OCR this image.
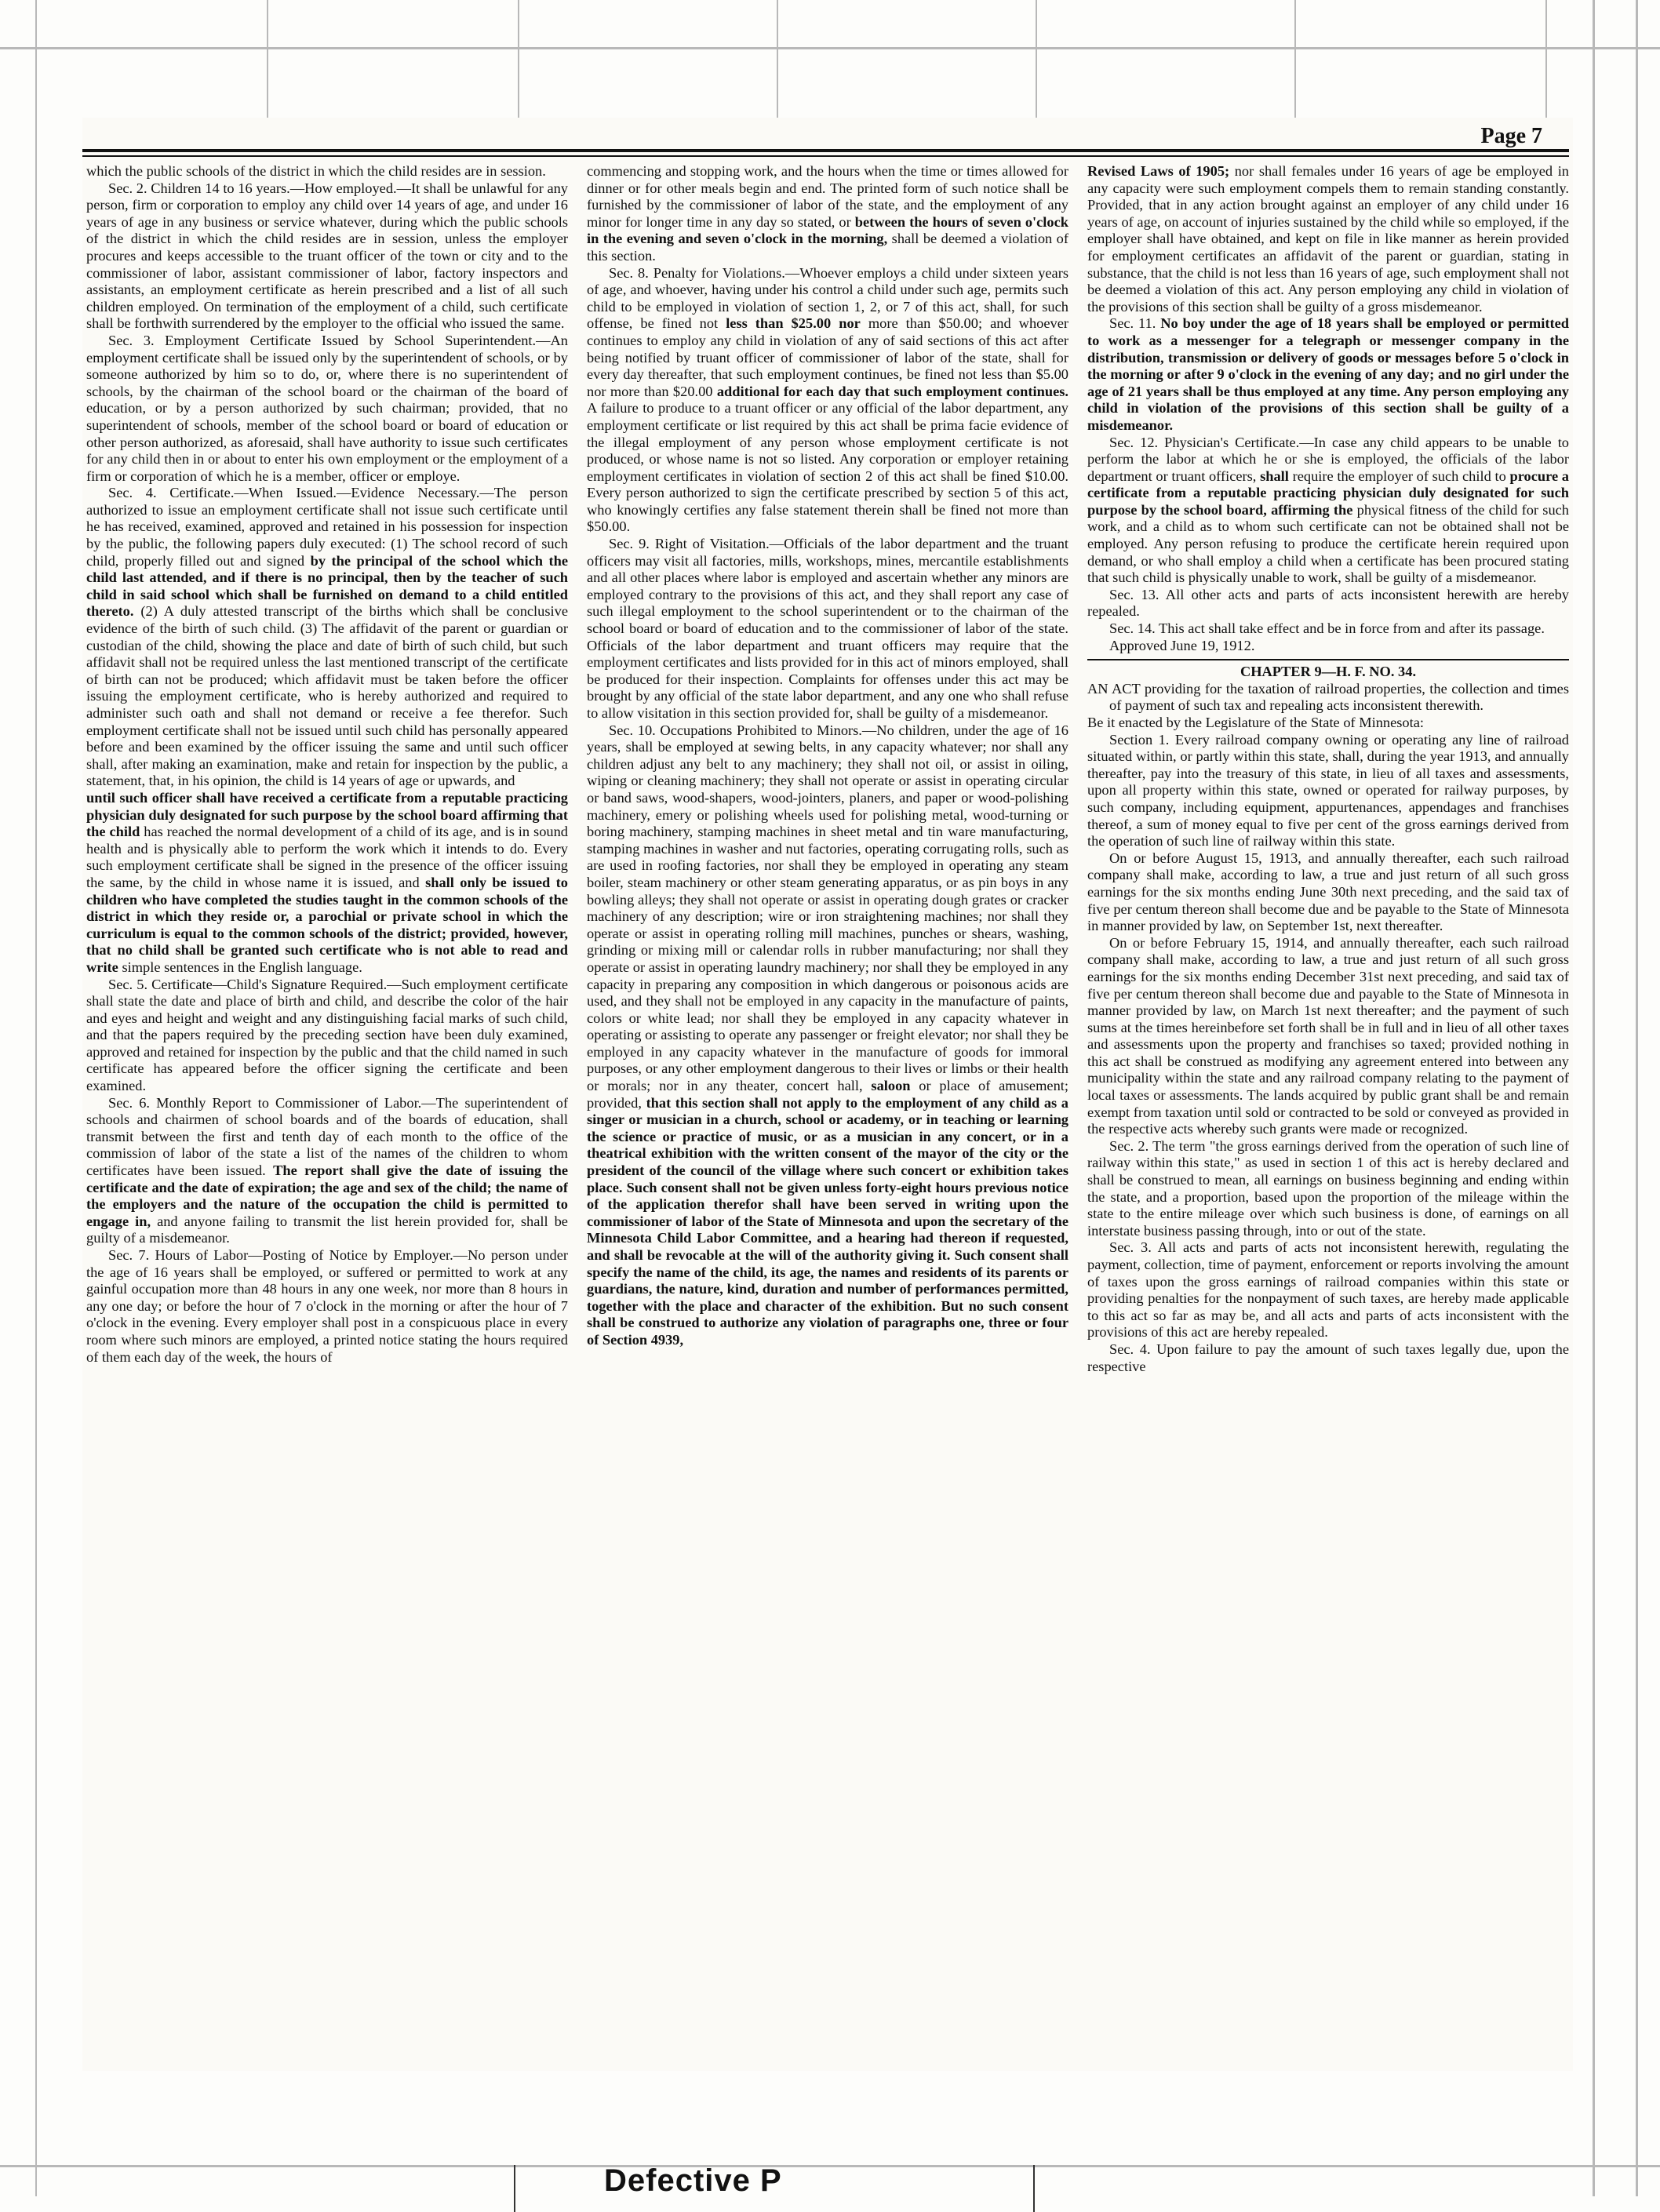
Page 7

which the public schools of the district in which the child resides are in session.

Sec. 2. Children 14 to 16 years.—How employed.—It shall be unlawful for any person, firm or corporation to employ any child over 14 years of age, and under 16 years of age in any business or service whatever, during which the public schools of the district in which the child resides are in session, unless the employer procures and keeps accessible to the truant officer of the town or city and to the commissioner of labor, assistant commissioner of labor, factory inspectors and assistants, an employment certificate as herein prescribed and a list of all such children employed. On termination of the employment of a child, such certificate shall be forthwith surrendered by the employer to the official who issued the same.

Sec. 3. Employment Certificate Issued by School Superintendent.—An employment certificate shall be issued only by the superintendent of schools, or by someone authorized by him so to do, or, where there is no superintendent of schools, by the chairman of the school board or the chairman of the board of education, or by a person authorized by such chairman; provided, that no superintendent of schools, member of the school board or board of education or other person authorized, as aforesaid, shall have authority to issue such certificates for any child then in or about to enter his own employment or the employment of a firm or corporation of which he is a member, officer or employe.

Sec. 4. Certificate.—When Issued.—Evidence Necessary.—The person authorized to issue an employment certificate shall not issue such certificate until he has received, examined, approved and retained in his possession for inspection by the public, the following papers duly executed: (1) The school record of such child, properly filled out and signed by the principal of the school which the child last attended, and if there is no principal, then by the teacher of such child in said school which shall be furnished on demand to a child entitled thereto. (2) A duly attested transcript of the births which shall be conclusive evidence of the birth of such child. (3) The affidavit of the parent or guardian or custodian of the child, showing the place and date of birth of such child, but such affidavit shall not be required unless the last mentioned transcript of the certificate of birth can not be produced; which affidavit must be taken before the officer issuing the employment certificate, who is hereby authorized and required to administer such oath and shall not demand or receive a fee therefor. Such employment certificate shall not be issued until such child has personally appeared before and been examined by the officer issuing the same and until such officer shall, after making an examination, make and retain for inspection by the public, a statement, that, in his opinion, the child is 14 years of age or upwards, and

until such officer shall have received a certificate from a reputable practicing physician duly designated for such purpose by the school board affirming that the child has reached the normal development of a child of its age, and is in sound health and is physically able to perform the work which it intends to do. Every such employment certificate shall be signed in the presence of the officer issuing the same, by the child in whose name it is issued, and shall only be issued to children who have completed the studies taught in the common schools of the district in which they reside or, a parochial or private school in which the curriculum is equal to the common schools of the district; provided, however, that no child shall be granted such certificate who is not able to read and write simple sentences in the English language.

Sec. 5. Certificate—Child's Signature Required.—Such employment certificate shall state the date and place of birth and child, and describe the color of the hair and eyes and height and weight and any distinguishing facial marks of such child, and that the papers required by the preceding section have been duly examined, approved and retained for inspection by the public and that the child named in such certificate has appeared before the officer signing the certificate and been examined.

Sec. 6. Monthly Report to Commissioner of Labor.—The superintendent of schools and chairmen of school boards and of the boards of education, shall transmit between the first and tenth day of each month to the office of the commission of labor of the state a list of the names of the children to whom certificates have been issued. The report shall give the date of issuing the certificate and the date of expiration; the age and sex of the child; the name of the employers and the nature of the occupation the child is permitted to engage in, and anyone failing to transmit the list herein provided for, shall be guilty of a misdemeanor.

Sec. 7. Hours of Labor—Posting of Notice by Employer.—No person under the age of 16 years shall be employed, or suffered or permitted to work at any gainful occupation more than 48 hours in any one week, nor more than 8 hours in any one day; or before the hour of 7 o'clock in the morning or after the hour of 7 o'clock in the evening. Every employer shall post in a conspicuous place in every room where such minors are employed, a printed notice stating the hours required of them each day of the week, the hours of

commencing and stopping work, and the hours when the time or times allowed for dinner or for other meals begin and end. The printed form of such notice shall be furnished by the commissioner of labor of the state, and the employment of any minor for longer time in any day so stated, or between the hours of seven o'clock in the evening and seven o'clock in the morning, shall be deemed a violation of this section.

Sec. 8. Penalty for Violations.—Whoever employs a child under sixteen years of age, and whoever, having under his control a child under such age, permits such child to be employed in violation of section 1, 2, or 7 of this act, shall, for such offense, be fined not less than $25.00 nor more than $50.00; and whoever continues to employ any child in violation of any of said sections of this act after being notified by truant officer of commissioner of labor of the state, shall for every day thereafter, that such employment continues, be fined not less than $5.00 nor more than $20.00 additional for each day that such employment continues. A failure to produce to a truant officer or any official of the labor department, any employment certificate or list required by this act shall be prima facie evidence of the illegal employment of any person whose employment certificate is not produced, or whose name is not so listed. Any corporation or employer retaining employment certificates in violation of section 2 of this act shall be fined $10.00. Every person authorized to sign the certificate prescribed by section 5 of this act, who knowingly certifies any false statement therein shall be fined not more than $50.00.

Sec. 9. Right of Visitation.—Officials of the labor department and the truant officers may visit all factories, mills, workshops, mines, mercantile establishments and all other places where labor is employed and ascertain whether any minors are employed contrary to the provisions of this act, and they shall report any case of such illegal employment to the school superintendent or to the chairman of the school board or board of education and to the commissioner of labor of the state. Officials of the labor department and truant officers may require that the employment certificates and lists provided for in this act of minors employed, shall be produced for their inspection. Complaints for offenses under this act may be brought by any official of the state labor department, and any one who shall refuse to allow visitation in this section provided for, shall be guilty of a misdemeanor.

Sec. 10. Occupations Prohibited to Minors.—No children, under the age of 16 years, shall be employed at sewing belts, in any capacity whatever; nor shall any children adjust any belt to any machinery; they shall not oil, or assist in oiling, wiping or cleaning machinery; they shall not operate or assist in operating circular or band saws, wood-shapers, wood-jointers, planers, and paper or wood-polishing machinery, emery or polishing wheels used for polishing metal, wood-turning or boring machinery, stamping machines in sheet metal and tin ware manufacturing, stamping machines in washer and nut factories, operating corrugating rolls, such as are used in roofing factories, nor shall they be employed in operating any steam boiler, steam machinery or other steam generating apparatus, or as pin boys in any bowling alleys; they shall not operate or assist in operating dough grates or cracker machinery of any description; wire or iron straightening machines; nor shall they operate or assist in operating rolling mill machines, punches or shears, washing, grinding or mixing mill or calendar rolls in rubber manufacturing; nor shall they operate or assist in operating laundry machinery; nor shall they be employed in any capacity in preparing any composition in which dangerous or poisonous acids are used, and they shall not be employed in any capacity in the manufacture of paints, colors or white lead; nor shall they be employed in any capacity whatever in operating or assisting to operate any passenger or freight elevator; nor shall they be employed in any capacity whatever in the manufacture of goods for immoral purposes, or any other employment dangerous to their lives or limbs or their health or morals; nor in any theater, concert hall, saloon or place of amusement; provided, that this section shall not apply to the employment of any child as a singer or musician in a church, school or academy, or in teaching or learning the science or practice of music, or as a musician in any concert, or in a theatrical exhibition with the written consent of the mayor of the city or the president of the council of the village where such concert or exhibition takes place. Such consent shall not be given unless forty-eight hours previous notice of the application therefor shall have been served in writing upon the commissioner of labor of the State of Minnesota and upon the secretary of the Minnesota Child Labor Committee, and a hearing had thereon if requested, and shall be revocable at the will of the authority giving it. Such consent shall specify the name of the child, its age, the names and residents of its parents or guardians, the nature, kind, duration and number of performances permitted, together with the place and character of the exhibition. But no such consent shall be construed to authorize any violation of paragraphs one, three or four of Section 4939,

Revised Laws of 1905; nor shall females under 16 years of age be employed in any capacity were such employment compels them to remain standing constantly. Provided, that in any action brought against an employer of any child under 16 years of age, on account of injuries sustained by the child while so employed, if the employer shall have obtained, and kept on file in like manner as herein provided for employment certificates an affidavit of the parent or guardian, stating in substance, that the child is not less than 16 years of age, such employment shall not be deemed a violation of this act. Any person employing any child in violation of the provisions of this section shall be guilty of a gross misdemeanor.

Sec. 11. No boy under the age of 18 years shall be employed or permitted to work as a messenger for a telegraph or messenger company in the distribution, transmission or delivery of goods or messages before 5 o'clock in the morning or after 9 o'clock in the evening of any day; and no girl under the age of 21 years shall be thus employed at any time. Any person employing any child in violation of the provisions of this section shall be guilty of a misdemeanor.

Sec. 12. Physician's Certificate.—In case any child appears to be unable to perform the labor at which he or she is employed, the officials of the labor department or truant officers, shall require the employer of such child to procure a certificate from a reputable practicing physician duly designated for such purpose by the school board, affirming the physical fitness of the child for such work, and a child as to whom such certificate can not be obtained shall not be employed. Any person refusing to produce the certificate herein required upon demand, or who shall employ a child when a certificate has been procured stating that such child is physically unable to work, shall be guilty of a misdemeanor.

Sec. 13. All other acts and parts of acts inconsistent herewith are hereby repealed.

Sec. 14. This act shall take effect and be in force from and after its passage.

Approved June 19, 1912.

CHAPTER 9—H. F. NO. 34.

AN ACT providing for the taxation of railroad properties, the collection and times of payment of such tax and repealing acts inconsistent therewith.

Be it enacted by the Legislature of the State of Minnesota:

Section 1. Every railroad company owning or operating any line of railroad situated within, or partly within this state, shall, during the year 1913, and annually thereafter, pay into the treasury of this state, in lieu of all taxes and assessments, upon all property within this state, owned or operated for railway purposes, by such company, including equipment, appurtenances, appendages and franchises thereof, a sum of money equal to five per cent of the gross earnings derived from the operation of such line of railway within this state.

On or before August 15, 1913, and annually thereafter, each such railroad company shall make, according to law, a true and just return of all such gross earnings for the six months ending June 30th next preceding, and the said tax of five per centum thereon shall become due and be payable to the State of Minnesota in manner provided by law, on September 1st, next thereafter.

On or before February 15, 1914, and annually thereafter, each such railroad company shall make, according to law, a true and just return of all such gross earnings for the six months ending December 31st next preceding, and said tax of five per centum thereon shall become due and payable to the State of Minnesota in manner provided by law, on March 1st next thereafter; and the payment of such sums at the times hereinbefore set forth shall be in full and in lieu of all other taxes and assessments upon the property and franchises so taxed; provided nothing in this act shall be construed as modifying any agreement entered into between any municipality within the state and any railroad company relating to the payment of local taxes or assessments. The lands acquired by public grant shall be and remain exempt from taxation until sold or contracted to be sold or conveyed as provided in the respective acts whereby such grants were made or recognized.

Sec. 2. The term "the gross earnings derived from the operation of such line of railway within this state," as used in section 1 of this act is hereby declared and shall be construed to mean, all earnings on business beginning and ending within the state, and a proportion, based upon the proportion of the mileage within the state to the entire mileage over which such business is done, of earnings on all interstate business passing through, into or out of the state.

Sec. 3. All acts and parts of acts not inconsistent herewith, regulating the payment, collection, time of payment, enforcement or reports involving the amount of taxes upon the gross earnings of railroad companies within this state or providing penalties for the nonpayment of such taxes, are hereby made applicable to this act so far as may be, and all acts and parts of acts inconsistent with the provisions of this act are hereby repealed.

Sec. 4. Upon failure to pay the amount of such taxes legally due, upon the respective

Defective P
